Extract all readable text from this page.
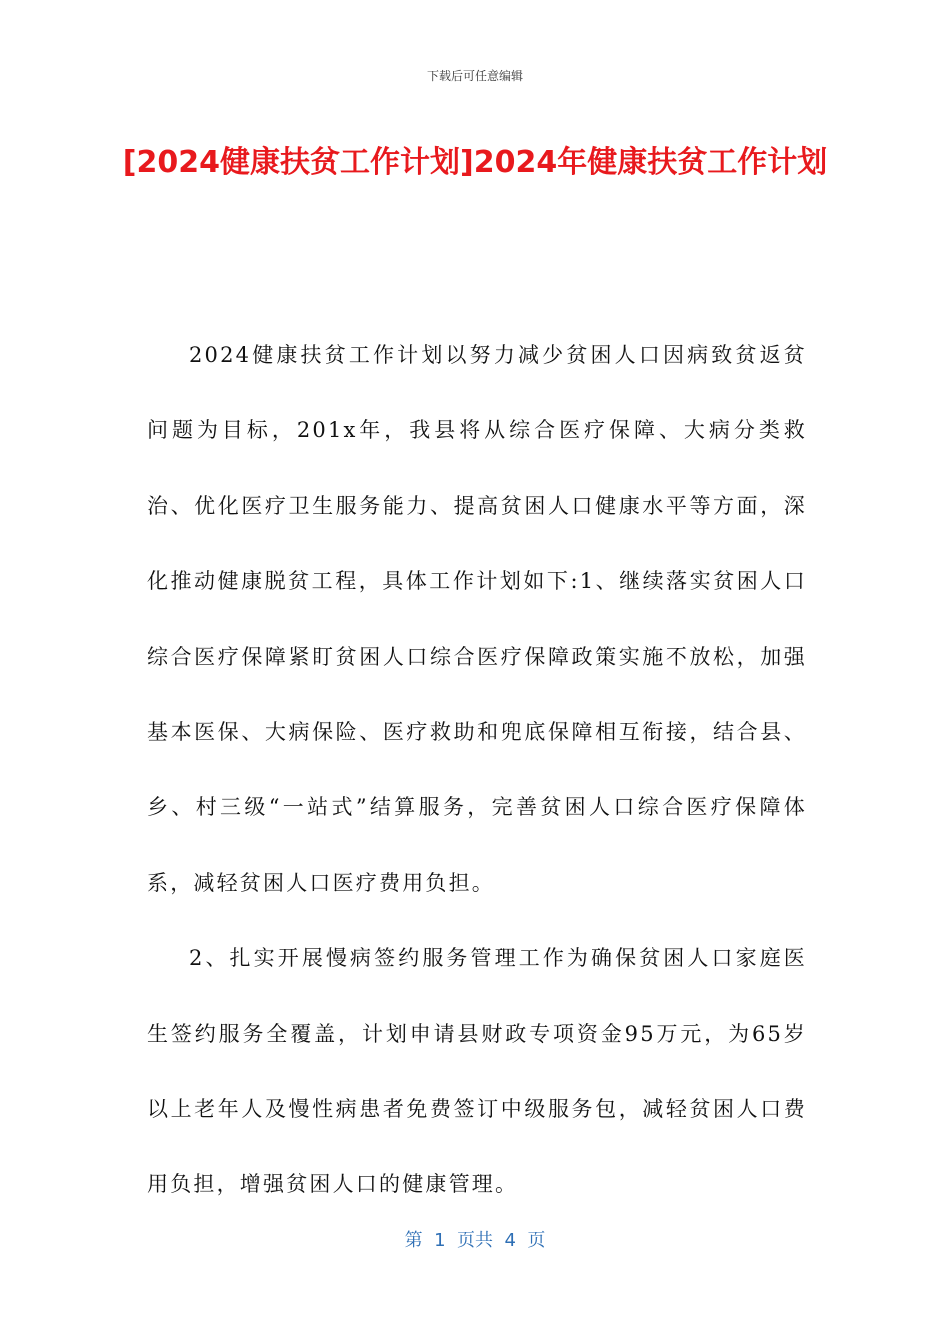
下载后可任意编辑
[2024健康扶贫工作计划]2024年健康扶贫工作计划

2024健康扶贫工作计划以努力减少贫困人口因病致贫返贫问题为目标，201x年，我县将从综合医疗保障、大病分类救治、优化医疗卫生服务能力、提高贫困人口健康水平等方面，深化推动健康脱贫工程，具体工作计划如下:1、继续落实贫困人口综合医疗保障紧盯贫困人口综合医疗保障政策实施不放松，加强基本医保、大病保险、医疗救助和兜底保障相互衔接，结合县、乡、村三级“一站式”结算服务，完善贫困人口综合医疗保障体系，减轻贫困人口医疗费用负担。

2、扎实开展慢病签约服务管理工作为确保贫困人口家庭医生签约服务全覆盖，计划申请县财政专项资金95万元，为65岁以上老年人及慢性病患者免费签订中级服务包，减轻贫困人口费用负担，增强贫困人口的健康管理。

第  1  页共  4  页
